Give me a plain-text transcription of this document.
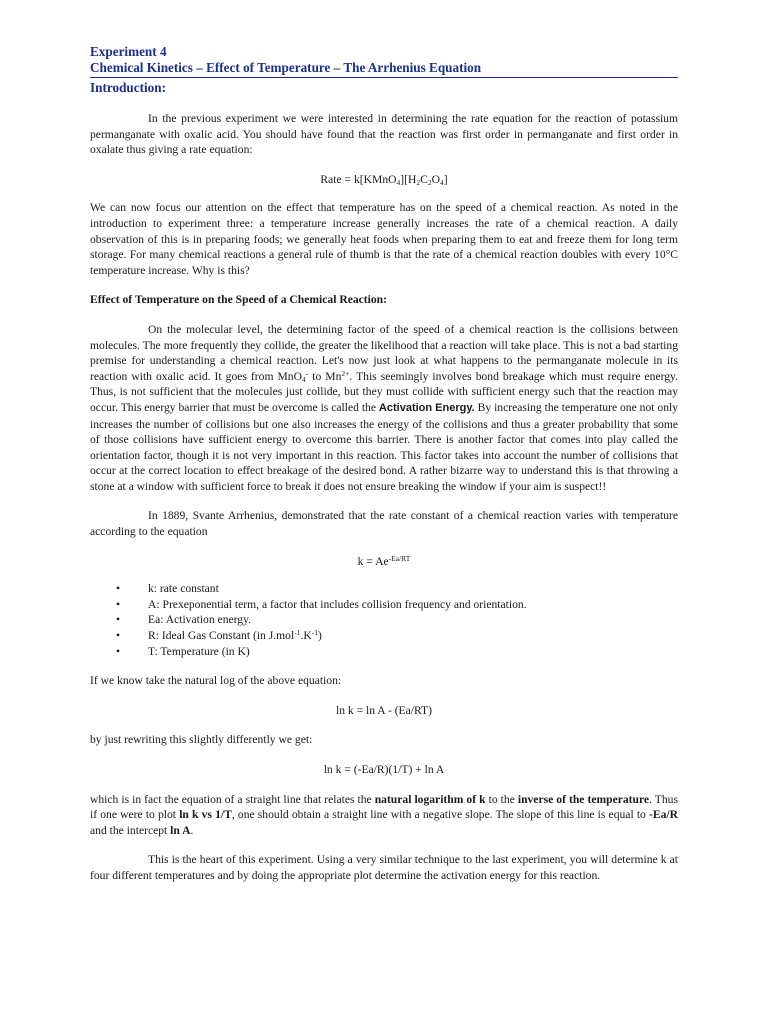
Experiment 4
Chemical Kinetics – Effect of Temperature – The Arrhenius Equation
Introduction:

In the previous experiment we were interested in determining the rate equation for the reaction of potassium permanganate with oxalic acid. You should have found that the reaction was first order in permanganate and first order in oxalate thus giving a rate equation:

Rate = $k[KMnO_4][H_2C_2O_4]$

We can now focus our attention on the effect that temperature has on the speed of a chemical reaction. As noted in the introduction to experiment three: a temperature increase generally increases the rate of a chemical reaction. A daily observation of this is in preparing foods; we generally heat foods when preparing them to eat and freeze them for long term storage. For many chemical reactions a general rule of thumb is that the rate of a chemical reaction doubles with every 10°C temperature increase. Why is this?

Effect of Temperature on the Speed of a Chemical Reaction:

On the molecular level, the determining factor of the speed of a chemical reaction is the collisions between molecules. The more frequently they collide, the greater the likelihood that a reaction will take place. This is not a bad starting premise for understanding a chemical reaction. Let's now just look at what happens to the permanganate molecule in its reaction with oxalic acid. It goes from MnO$_4$- to $Mn^{2+}$. This seemingly involves bond breakage which must require energy. Thus, is not sufficient that the molecules just collide, but they must collide with sufficient energy such that the reaction may occur. This energy barrier that must be overcome is called the Activation Energy. By increasing the temperature one not only increases the number of collisions but one also increases the energy of the collisions and thus a greater probability that some of those collisions have sufficient energy to overcome this barrier. There is another factor that comes into play called the orientation factor, though it is not very important in this reaction. This factor takes into account the number of collisions that occur at the correct location to effect breakage of the desired bond. A rather bizarre way to understand this is that throwing a stone at a window with sufficient force to break it does not ensure breaking the window if your aim is suspect!!

In 1889, Svante Arrhenius, demonstrated that the rate constant of a chemical reaction varies with temperature according to the equation

$k = Ae^{-Ea/RT}$

• k: rate constant
• A: Prexeponential term, a factor that includes collision frequency and orientation.
• Ea: Activation energy.
• R: Ideal Gas Constant (in $J.mol^{-1}.K^{-1}$)
• T: Temperature (in K)

If we know take the natural log of the above equation:

ln k = ln A - (Ea/RT)

by just rewriting this slightly differently we get:

ln k = (-Ea/R)(1/T) + ln A

which is in fact the equation of a straight line that relates the natural logarithm of k to the inverse of the temperature. Thus if one were to plot ln k vs 1/T, one should obtain a straight line with a negative slope. The slope of this line is equal to -Ea/R and the intercept ln A.

This is the heart of this experiment. Using a very similar technique to the last experiment, you will determine k at four different temperatures and by doing the appropriate plot determine the activation energy for this reaction.
